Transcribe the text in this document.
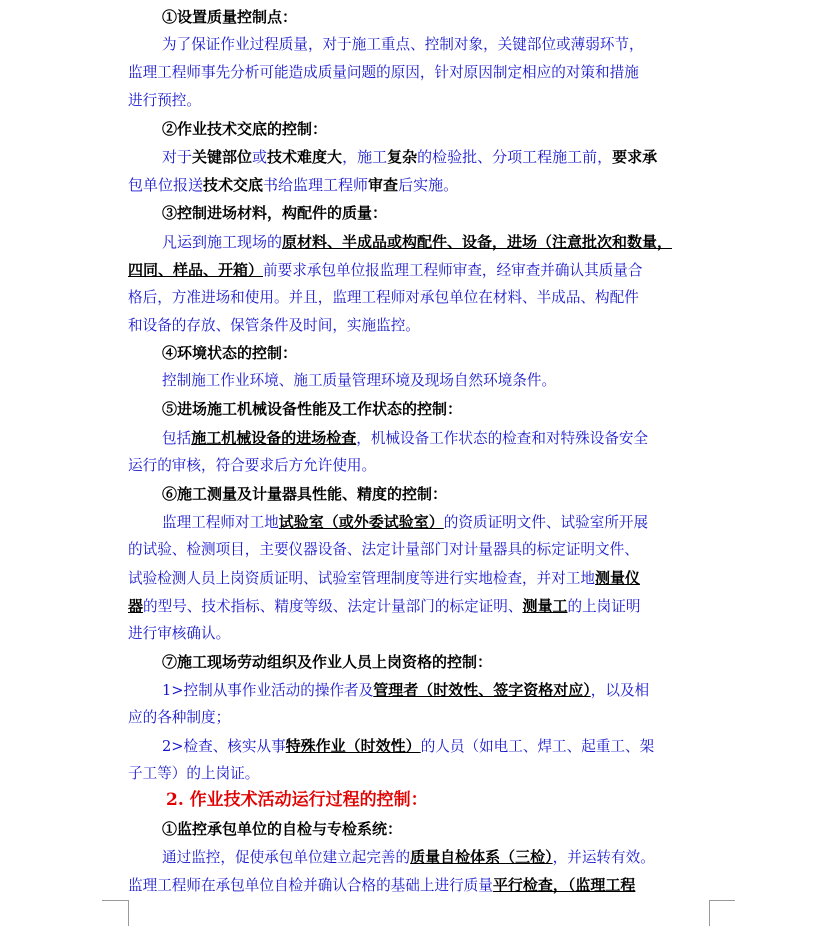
①设置质量控制点：
为了保证作业过程质量，对于施工重点、控制对象，关键部位或薄弱环节，
监理工程师事先分析可能造成质量问题的原因，针对原因制定相应的对策和措施
进行预控。
②作业技术交底的控制：
对于关键部位或技术难度大，施工复杂的检验批、分项工程施工前，要求承
包单位报送技术交底书给监理工程师审查后实施。
③控制进场材料，构配件的质量：
凡运到施工现场的原材料、半成品或构配件、设备，进场（注意批次和数量，
四同、样品、开箱）前要求承包单位报监理工程师审查，经审查并确认其质量合
格后，方准进场和使用。并且，监理工程师对承包单位在材料、半成品、构配件
和设备的存放、保管条件及时间，实施监控。
④环境状态的控制：
控制施工作业环境、施工质量管理环境及现场自然环境条件。
⑤进场施工机械设备性能及工作状态的控制：
包括施工机械设备的进场检查，机械设备工作状态的检查和对特殊设备安全
运行的审核，符合要求后方允许使用。
⑥施工测量及计量器具性能、精度的控制：
监理工程师对工地试验室（或外委试验室）的资质证明文件、试验室所开展
的试验、检测项目，主要仪器设备、法定计量部门对计量器具的标定证明文件、
试验检测人员上岗资质证明、试验室管理制度等进行实地检查，并对工地测量仪
器的型号、技术指标、精度等级、法定计量部门的标定证明、测量工的上岗证明
进行审核确认。
⑦施工现场劳动组织及作业人员上岗资格的控制：
1>控制从事作业活动的操作者及管理者（时效性、签字资格对应），以及相
应的各种制度；
2>检查、核实从事特殊作业（时效性）的人员（如电工、焊工、起重工、架
子工等）的上岗证。
2. 作业技术活动运行过程的控制：
①监控承包单位的自检与专检系统：
通过监控，促使承包单位建立起完善的质量自检体系（三检），并运转有效。
监理工程师在承包单位自检并确认合格的基础上进行质量平行检查，（监理工程
